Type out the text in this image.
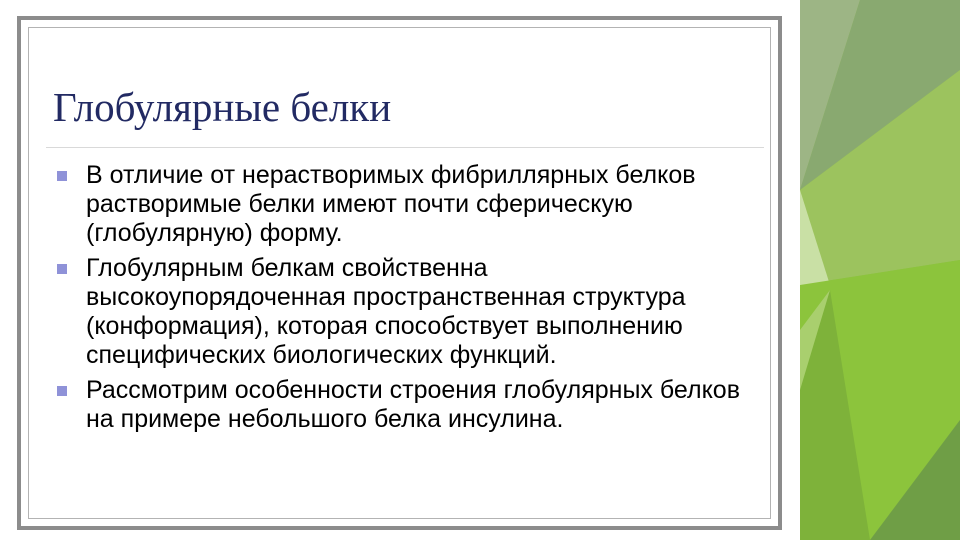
Глобулярные белки
В отличие от нерастворимых фибриллярных белков растворимые белки имеют почти сферическую (глобулярную) форму.
Глобулярным белкам свойственна высокоупорядоченная пространственная структура (конформация), которая способствует выполнению специфических биологических функций.
Рассмотрим особенности строения глобулярных белков на примере небольшого белка инсулина.
